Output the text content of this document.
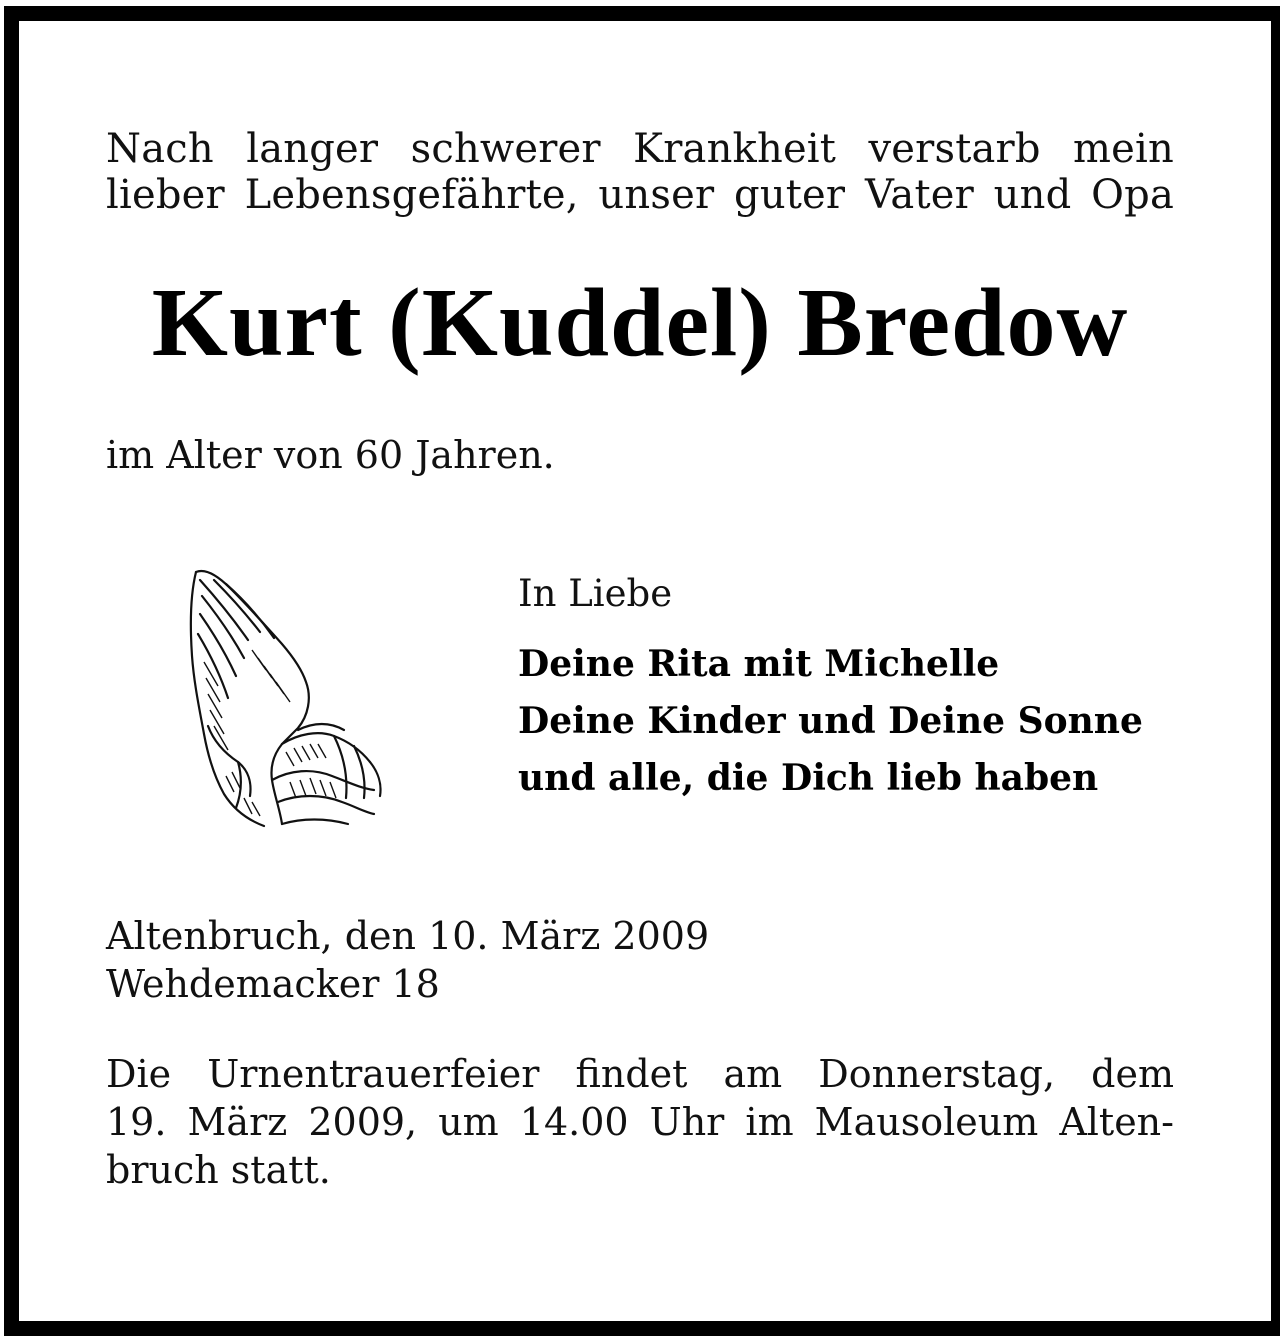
Nach langer schwerer Krankheit verstarb mein
lieber Lebensgefährte, unser guter Vater und Opa
Kurt (Kuddel) Bredow
im Alter von 60 Jahren.
In Liebe
Deine Rita mit Michelle
Deine Kinder und Deine Sonne
und alle, die Dich lieb haben
Altenbruch, den 10. März 2009
Wehdemacker 18
Die Urnentrauerfeier findet am Donnerstag, dem
19. März 2009, um 14.00 Uhr im Mausoleum Alten-
bruch statt.
